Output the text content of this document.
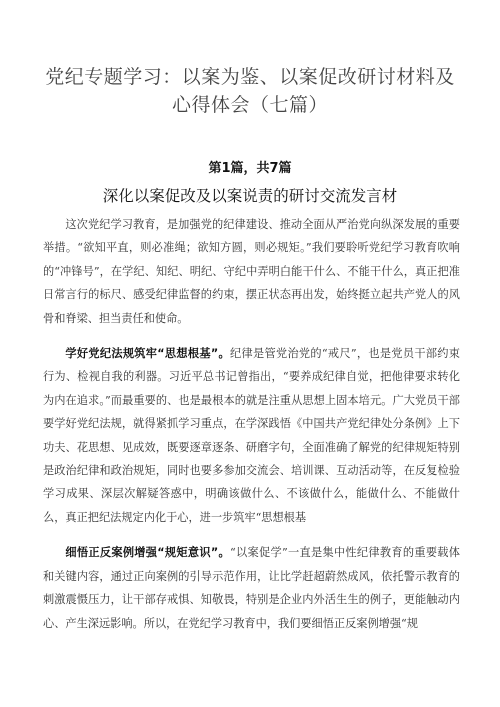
党纪专题学习：以案为鉴、以案促改研讨材料及心得体会（七篇）
第1篇，共7篇
深化以案促改及以案说责的研讨交流发言材

这次党纪学习教育，是加强党的纪律建设、推动全面从严治党向纵深发展的重要举措。“欲知平直，则必准绳；欲知方圆，则必规矩。”我们要聆听党纪学习教育吹响的“冲锋号”，在学纪、知纪、明纪、守纪中弄明白能干什么、不能干什么，真正把准日常言行的标尺、感受纪律监督的约束，摆正状态再出发，始终挺立起共产党人的风骨和脊梁、担当责任和使命。

学好党纪法规筑牢“思想根基”。纪律是管党治党的“戒尺”，也是党员干部约束行为、检视自我的利器。习近平总书记曾指出，“要养成纪律自觉，把他律要求转化为内在追求。”而最重要的、也是最根本的就是注重从思想上固本培元。广大党员干部要学好党纪法规，就得紧抓学习重点，在学深践悟《中国共产党纪律处分条例》上下功夫、花思想、见成效，既要逐章逐条、研磨字句，全面准确了解党的纪律规矩特别是政治纪律和政治规矩，同时也要多参加交流会、培训课、互动活动等，在反复检验学习成果、深层次解疑答惑中，明确该做什么、不该做什么，能做什么、不能做什么，真正把纪法规定内化于心，进一步筑牢“思想根基

细悟正反案例增强“规矩意识”。“以案促学”一直是集中性纪律教育的重要载体和关键内容，通过正向案例的引导示范作用，让比学赶超蔚然成风，依托警示教育的刺激震慑压力，让干部存戒惧、知敬畏，特别是企业内外活生生的例子，更能触动内心、产生深远影响。所以，在党纪学习教育中，我们要细悟正反案例增强“规
